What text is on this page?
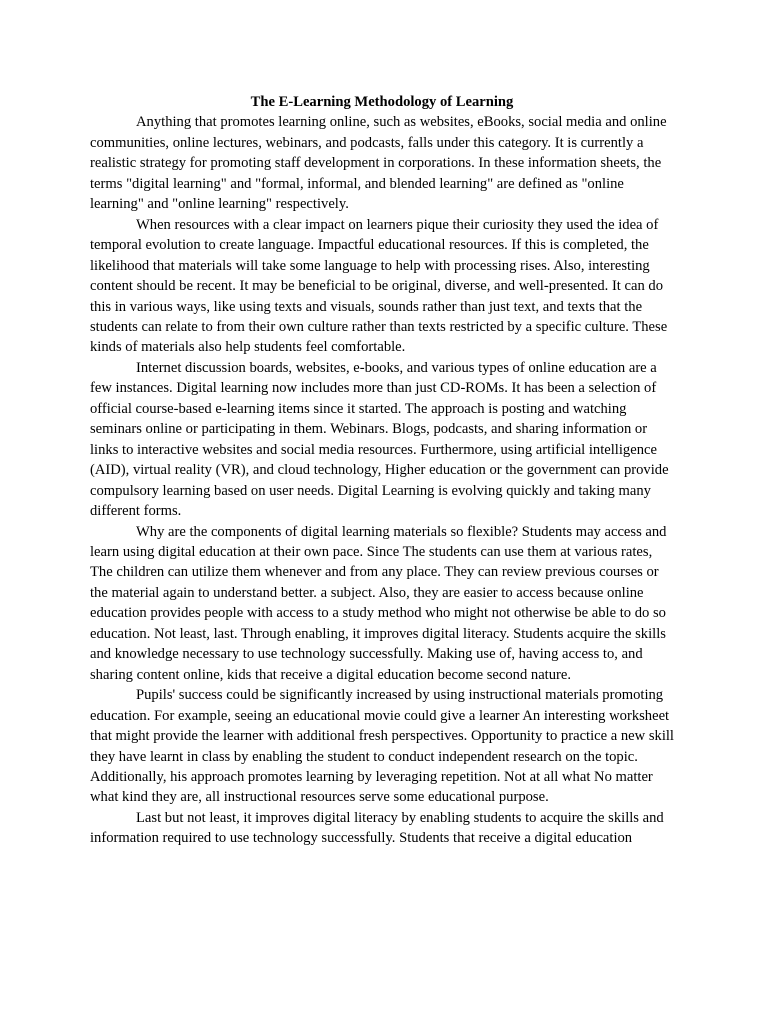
The E-Learning Methodology of Learning

Anything that promotes learning online, such as websites, eBooks, social media and online communities, online lectures, webinars, and podcasts, falls under this category. It is currently a realistic strategy for promoting staff development in corporations. In these information sheets, the terms "digital learning" and "formal, informal, and blended learning" are defined as "online learning" and "online learning" respectively.

When resources with a clear impact on learners pique their curiosity they used the idea of temporal evolution to create language. Impactful educational resources. If this is completed, the likelihood that materials will take some language to help with processing rises. Also, interesting content should be recent. It may be beneficial to be original, diverse, and well-presented. It can do this in various ways, like using texts and visuals, sounds rather than just text, and texts that the students can relate to from their own culture rather than texts restricted by a specific culture. These kinds of materials also help students feel comfortable.

Internet discussion boards, websites, e-books, and various types of online education are a few instances. Digital learning now includes more than just CD-ROMs. It has been a selection of official course-based e-learning items since it started. The approach is posting and watching seminars online or participating in them. Webinars. Blogs, podcasts, and sharing information or links to interactive websites and social media resources. Furthermore, using artificial intelligence (AID), virtual reality (VR), and cloud technology, Higher education or the government can provide compulsory learning based on user needs. Digital Learning is evolving quickly and taking many different forms.

Why are the components of digital learning materials so flexible? Students may access and learn using digital education at their own pace. Since The students can use them at various rates, The children can utilize them whenever and from any place. They can review previous courses or the material again to understand better. a subject. Also, they are easier to access because online education provides people with access to a study method who might not otherwise be able to do so education. Not least, last. Through enabling, it improves digital literacy. Students acquire the skills and knowledge necessary to use technology successfully. Making use of, having access to, and sharing content online, kids that receive a digital education become second nature.

Pupils' success could be significantly increased by using instructional materials promoting education. For example, seeing an educational movie could give a learner An interesting worksheet that might provide the learner with additional fresh perspectives. Opportunity to practice a new skill they have learnt in class by enabling the student to conduct independent research on the topic. Additionally, his approach promotes learning by leveraging repetition. Not at all what No matter what kind they are, all instructional resources serve some educational purpose.

Last but not least, it improves digital literacy by enabling students to acquire the skills and information required to use technology successfully. Students that receive a digital education
